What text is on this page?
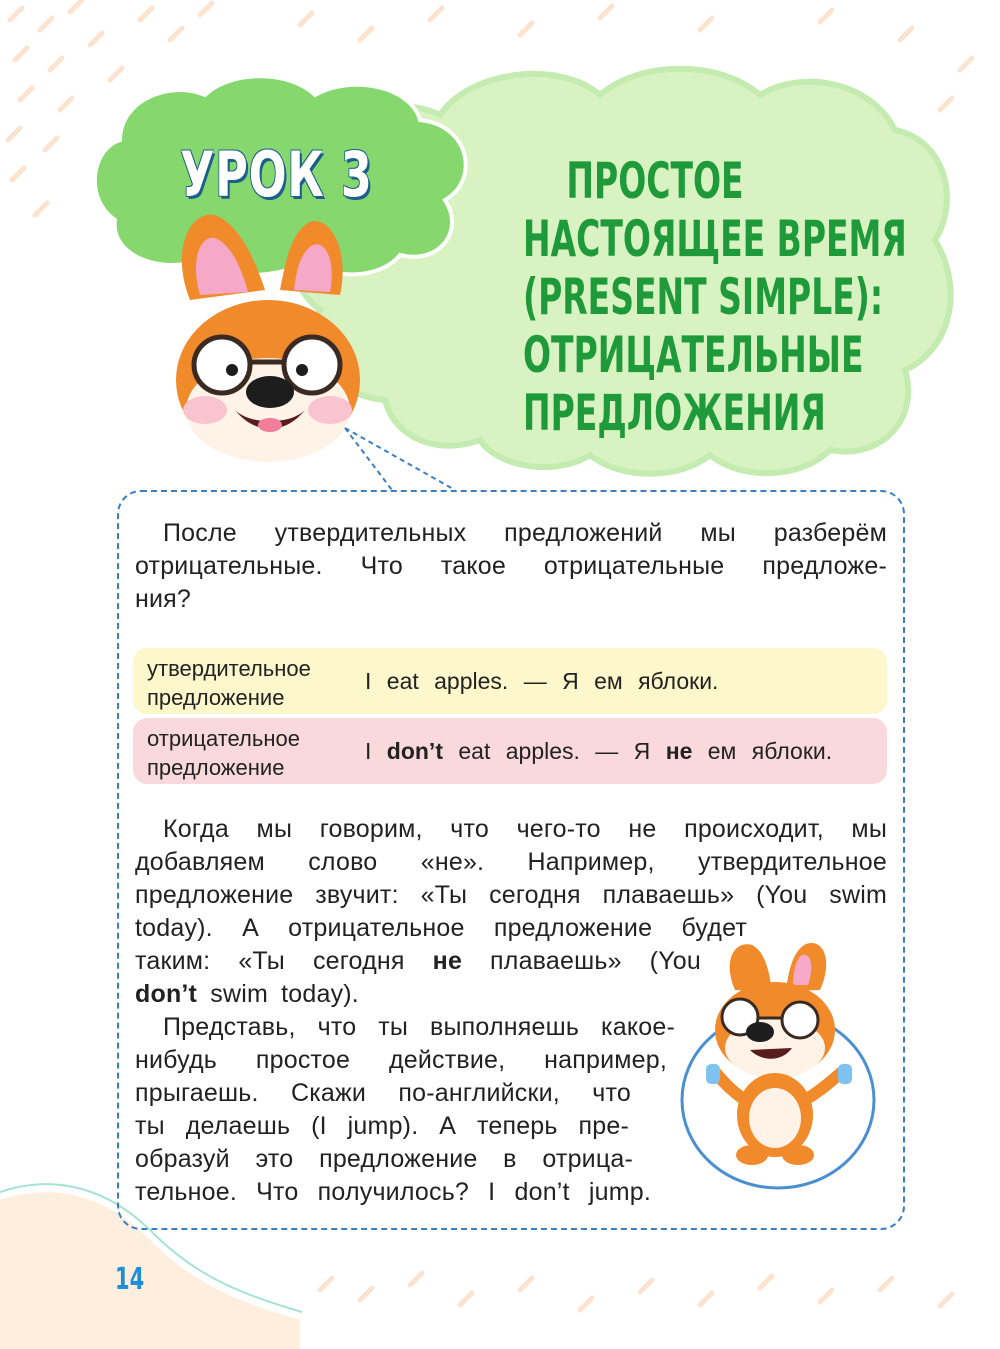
УРОК 3	ПРОСТОЕ
НАСТОЯЩЕЕ ВРЕМЯ
(PRESENT SIMPLE):
ОТРИЦАТЕЛЬНЫЕ
ПРЕДЛОЖЕНИЯ
После утвердительных предложений мы разберём
отрицательные. Что такое отрицательные предложе-
ния?
утвердительное
предложение
I eat apples. — Я ем яблоки.
отрицательное
предложение
I don’t eat apples. — Я не ем яблоки.
Когда мы говорим, что чего-то не происходит, мы
добавляем слово «не». Например, утвердительное
предложение звучит: «Ты сегодня плаваешь» (You swim
today). А отрицательное предложение будет
таким: «Ты сегодня не плаваешь» (You
don’t swim today).
Представь, что ты выполняешь какое-
нибудь простое действие, например,
прыгаешь. Скажи по-английски, что
ты делаешь (I jump). А теперь пре-
образуй это предложение в отрица-
тельное. Что получилось? I don’t jump.
14
